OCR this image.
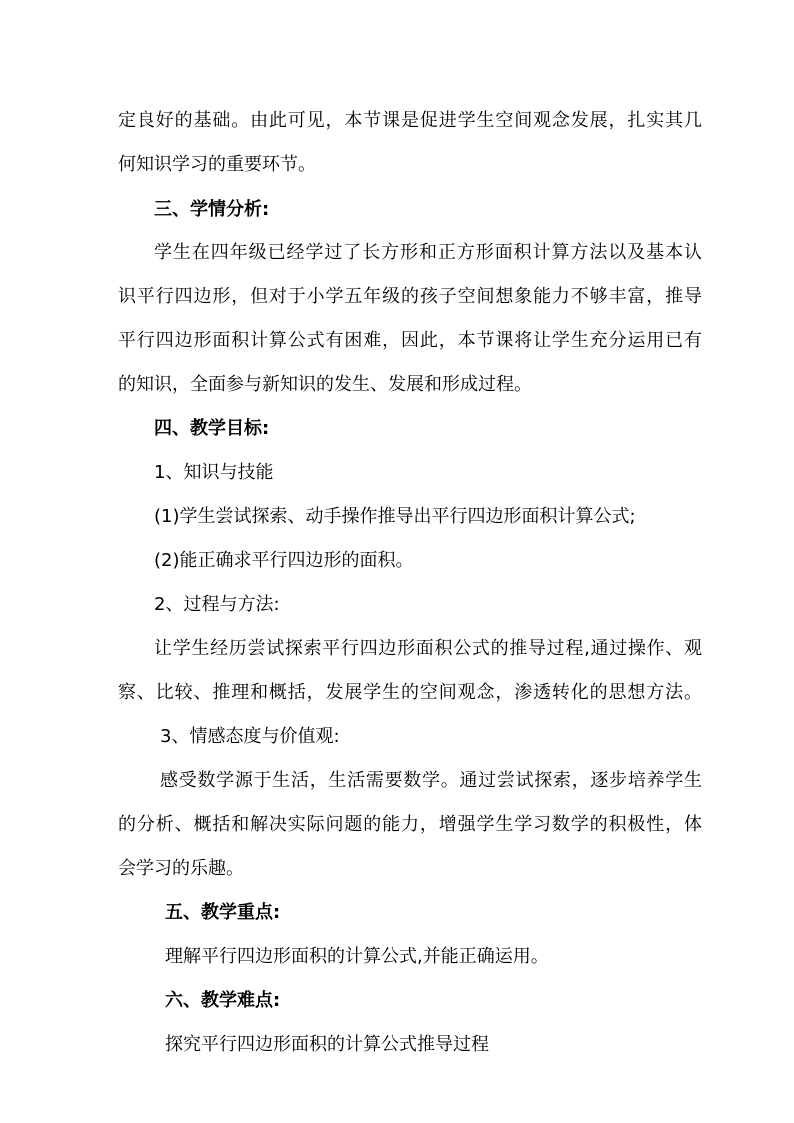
定良好的基础。由此可见，本节课是促进学生空间观念发展，扎实其几
何知识学习的重要环节。
三、学情分析:
学生在四年级已经学过了长方形和正方形面积计算方法以及基本认
识平行四边形，但对于小学五年级的孩子空间想象能力不够丰富，推导
平行四边形面积计算公式有困难，因此，本节课将让学生充分运用已有
的知识，全面参与新知识的发生、发展和形成过程。
四、教学目标:
1、知识与技能
(1)学生尝试探索、动手操作推导出平行四边形面积计算公式;
(2)能正确求平行四边形的面积。
2、过程与方法:
让学生经历尝试探索平行四边形面积公式的推导过程,通过操作、观
察、比较、推理和概括，发展学生的空间观念，渗透转化的思想方法。
3、情感态度与价值观:
感受数学源于生活，生活需要数学。通过尝试探索，逐步培养学生
的分析、概括和解决实际问题的能力，增强学生学习数学的积极性，体
会学习的乐趣。
五、教学重点:
理解平行四边形面积的计算公式,并能正确运用。
六、教学难点:
探究平行四边形面积的计算公式推导过程
